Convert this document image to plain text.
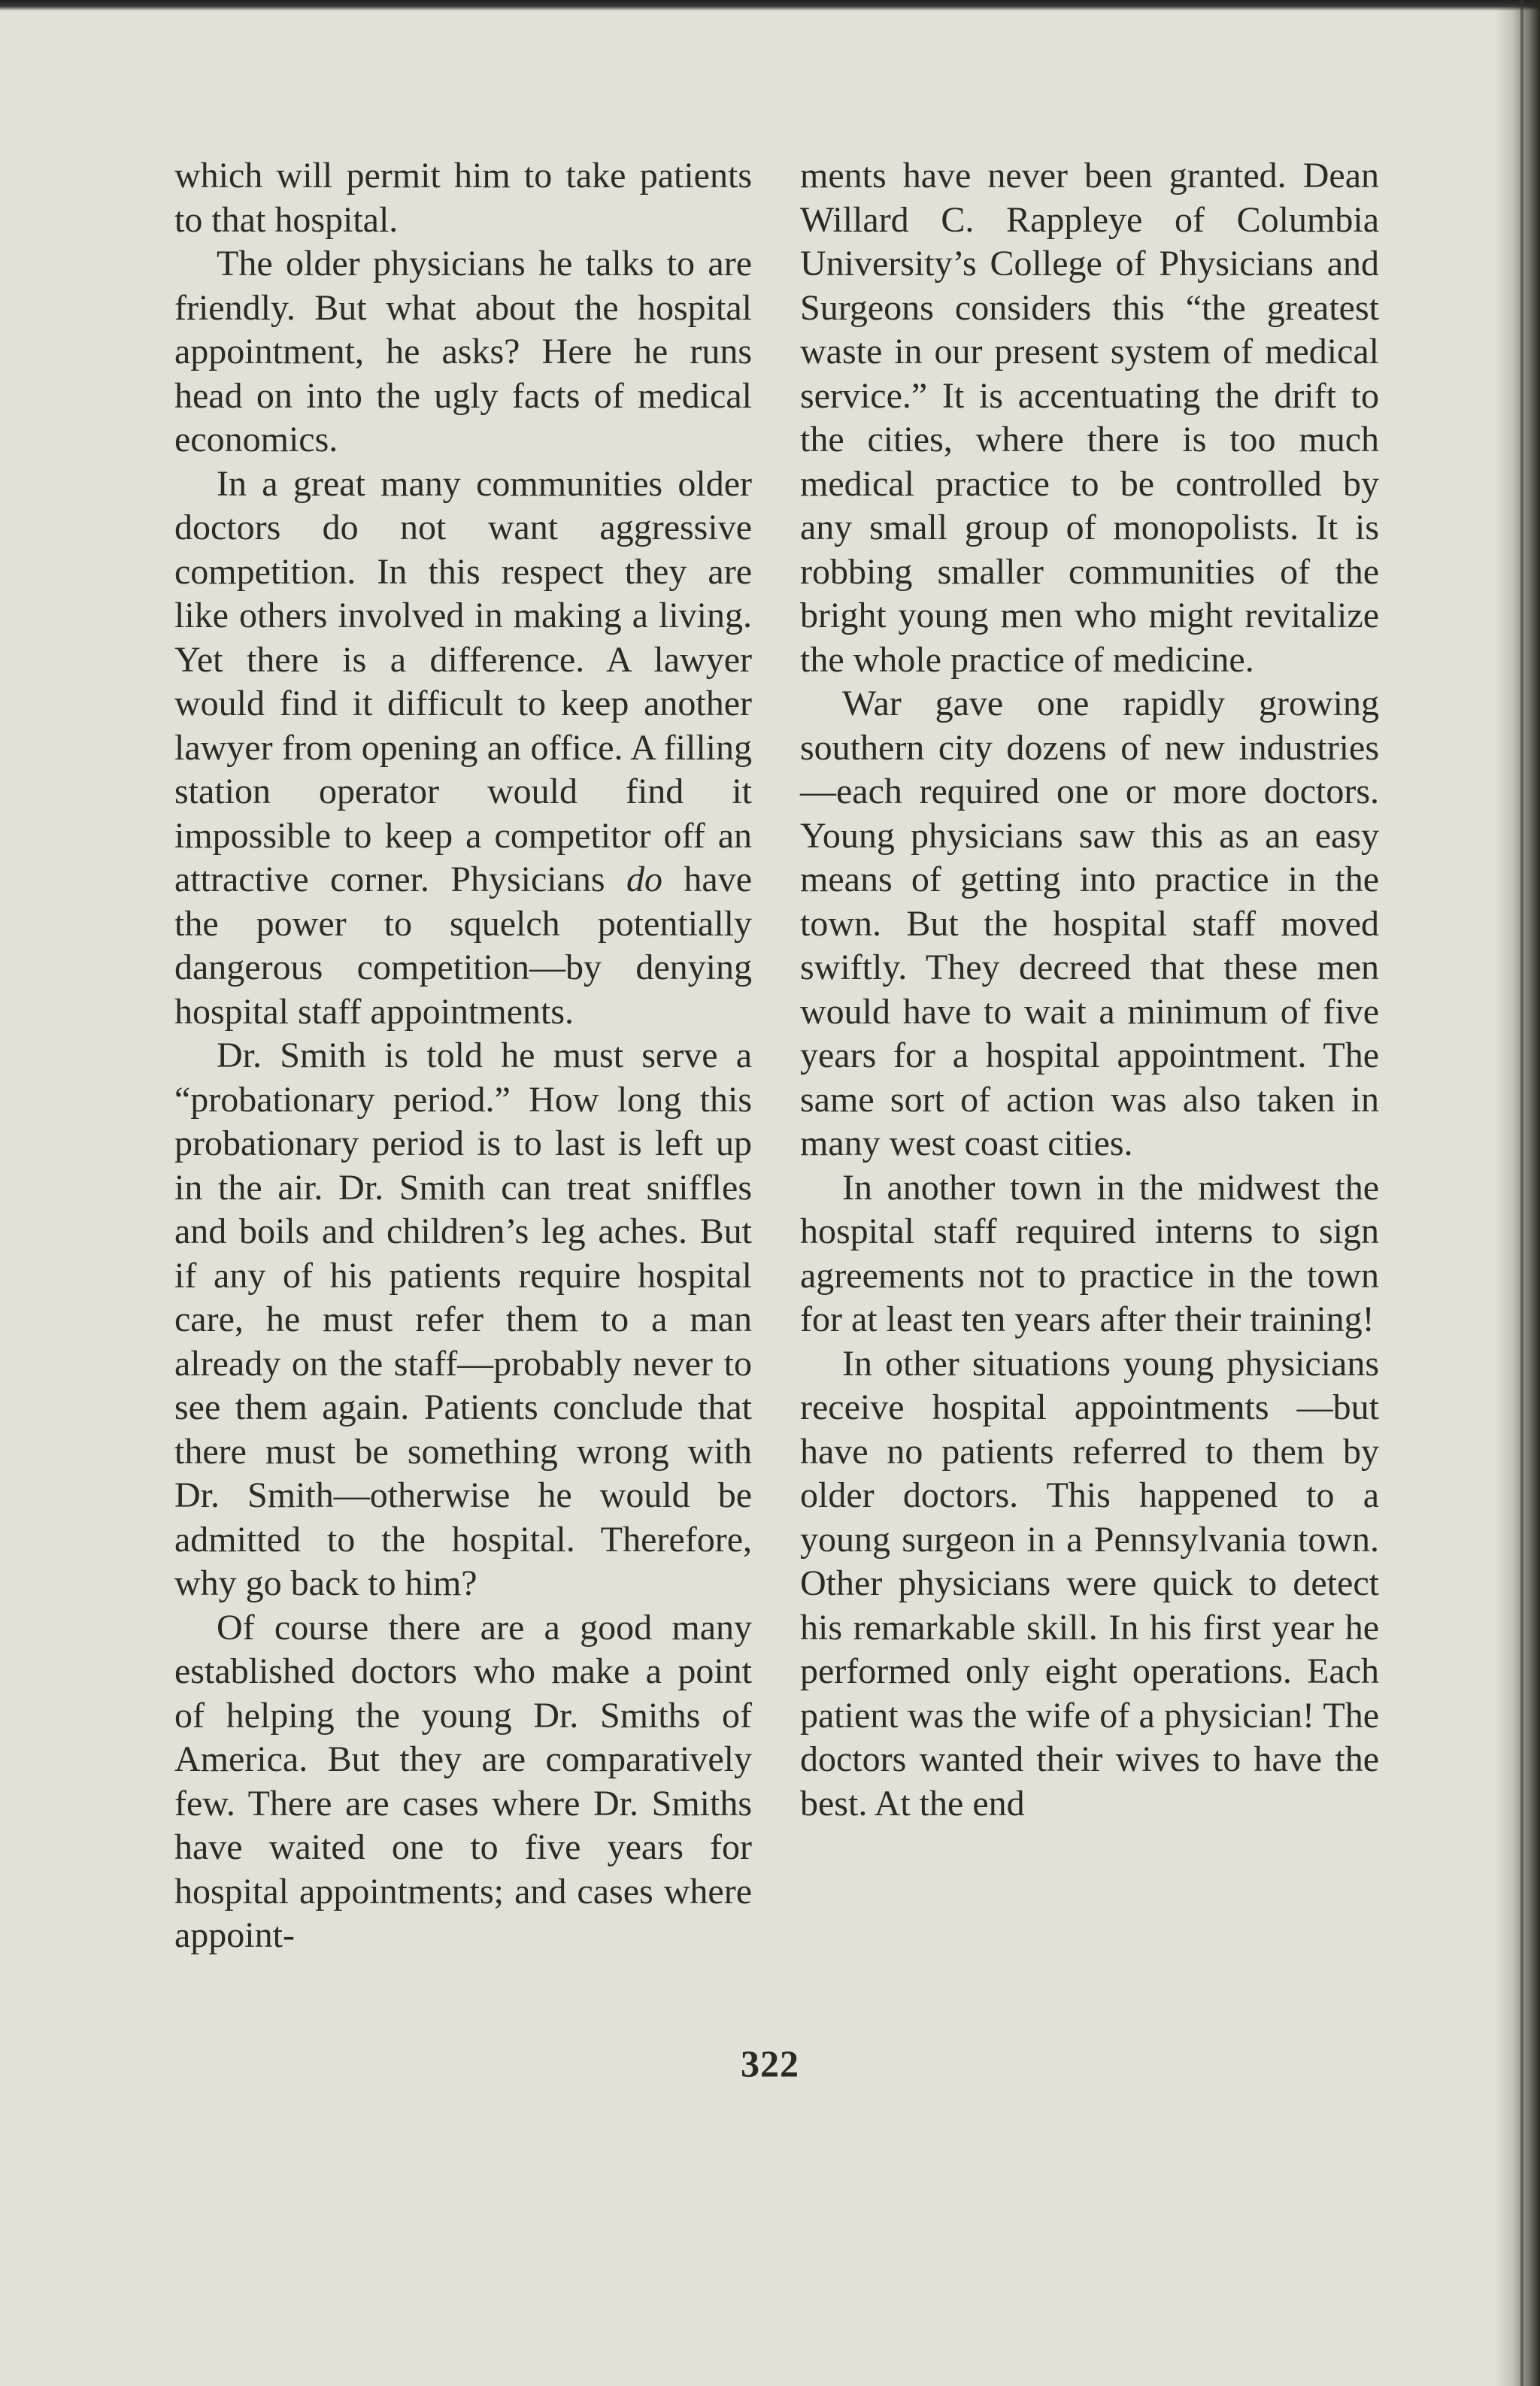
which will permit him to take patients to that hospital.

The older physicians he talks to are friendly. But what about the hospital appointment, he asks? Here he runs head on into the ugly facts of medical economics.

In a great many communities older doctors do not want aggressive competition. In this respect they are like others involved in making a living. Yet there is a difference. A lawyer would find it difficult to keep another lawyer from opening an office. A filling station operator would find it impossible to keep a competitor off an attractive corner. Physicians do have the power to squelch potentially dangerous competition—by denying hospital staff appointments.

Dr. Smith is told he must serve a “probationary period.” How long this probationary period is to last is left up in the air. Dr. Smith can treat sniffles and boils and children’s leg aches. But if any of his patients require hospital care, he must refer them to a man already on the staff—probably never to see them again. Patients conclude that there must be something wrong with Dr. Smith—otherwise he would be admitted to the hospital. Therefore, why go back to him?

Of course there are a good many established doctors who make a point of helping the young Dr. Smiths of America. But they are comparatively few. There are cases where Dr. Smiths have waited one to five years for hospital appointments; and cases where appoint-

ments have never been granted. Dean Willard C. Rappleye of Columbia University’s College of Physicians and Surgeons considers this “the greatest waste in our present system of medical service.” It is accentuating the drift to the cities, where there is too much medical practice to be controlled by any small group of monopolists. It is robbing smaller communities of the bright young men who might revitalize the whole practice of medicine.

War gave one rapidly growing southern city dozens of new industries—each required one or more doctors. Young physicians saw this as an easy means of getting into practice in the town. But the hospital staff moved swiftly. They decreed that these men would have to wait a minimum of five years for a hospital appointment. The same sort of action was also taken in many west coast cities.

In another town in the midwest the hospital staff required interns to sign agreements not to practice in the town for at least ten years after their training!

In other situations young physicians receive hospital appointments —but have no patients referred to them by older doctors. This happened to a young surgeon in a Pennsylvania town. Other physicians were quick to detect his remarkable skill. In his first year he performed only eight operations. Each patient was the wife of a physician! The doctors wanted their wives to have the best. At the end

322
